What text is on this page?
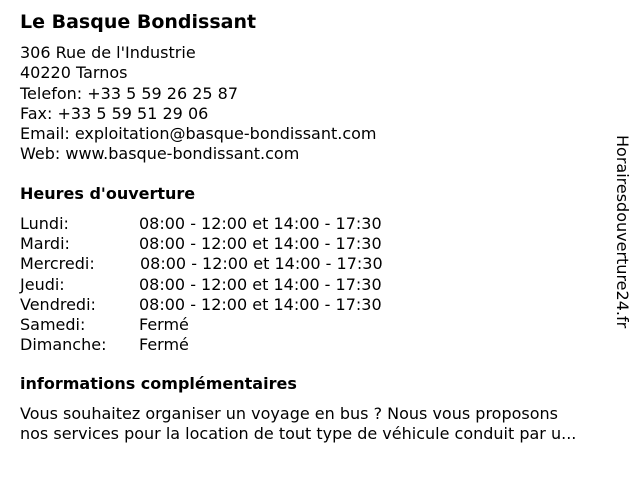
Le Basque Bondissant
306 Rue de l'Industrie
40220 Tarnos
Telefon: +33 5 59 26 25 87
Fax: +33 5 59 51 29 06
Email: exploitation@basque-bondissant.com
Web: www.basque-bondissant.com
Heures d'ouverture
Lundi:	08:00 - 12:00 et 14:00 - 17:30
Mardi:	08:00 - 12:00 et 14:00 - 17:30
Mercredi:	08:00 - 12:00 et 14:00 - 17:30
Jeudi:	08:00 - 12:00 et 14:00 - 17:30
Vendredi:	08:00 - 12:00 et 14:00 - 17:30
Samedi:	Fermé
Dimanche:	Fermé
informations complémentaires
Vous souhaitez organiser un voyage en bus ? Nous vous proposons
nos services pour la location de tout type de véhicule conduit par u...
Horairesdouverture24.fr
